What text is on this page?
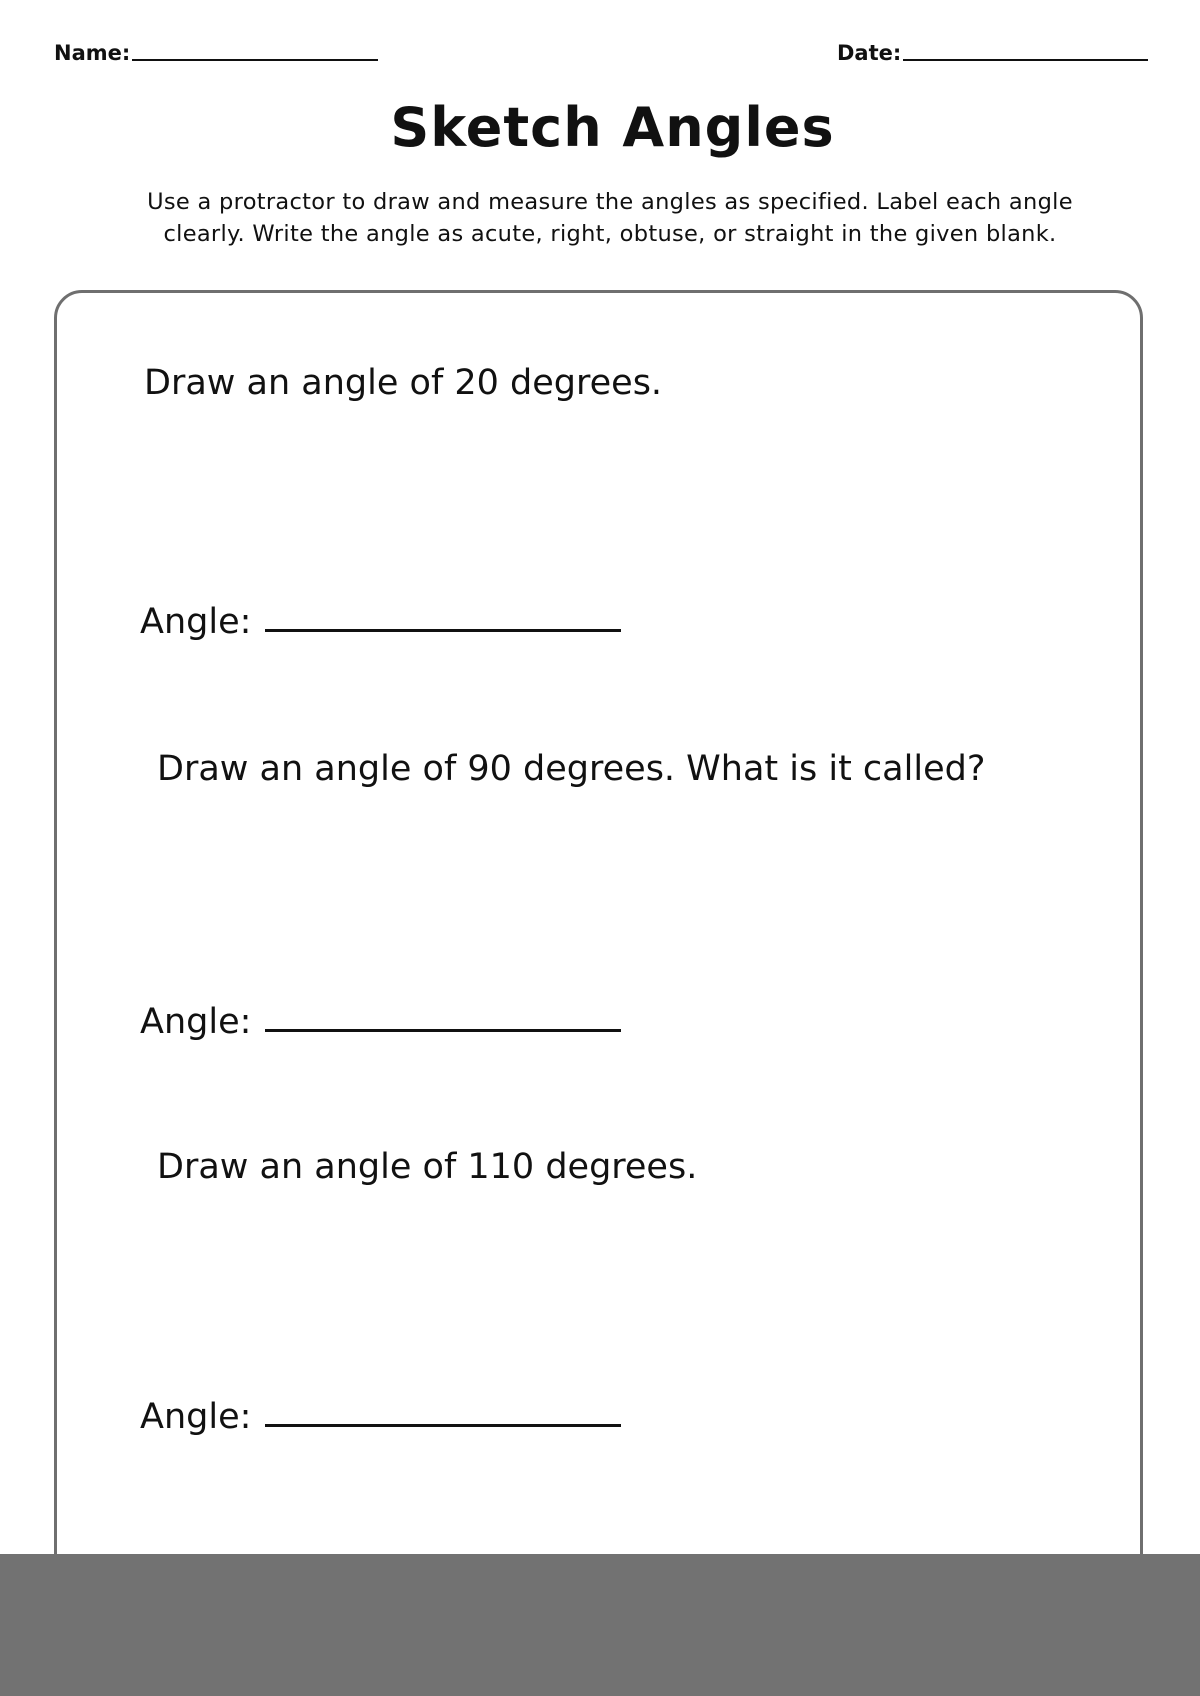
Name:	Date:
Sketch Angles
Use a protractor to draw and measure the angles as specified. Label each angle clearly. Write the angle as acute, right, obtuse, or straight in the given blank.
Draw an angle of 20 degrees.
Angle:
Draw an angle of 90 degrees. What is it called?
Angle:
Draw an angle of 110 degrees.
Angle:
